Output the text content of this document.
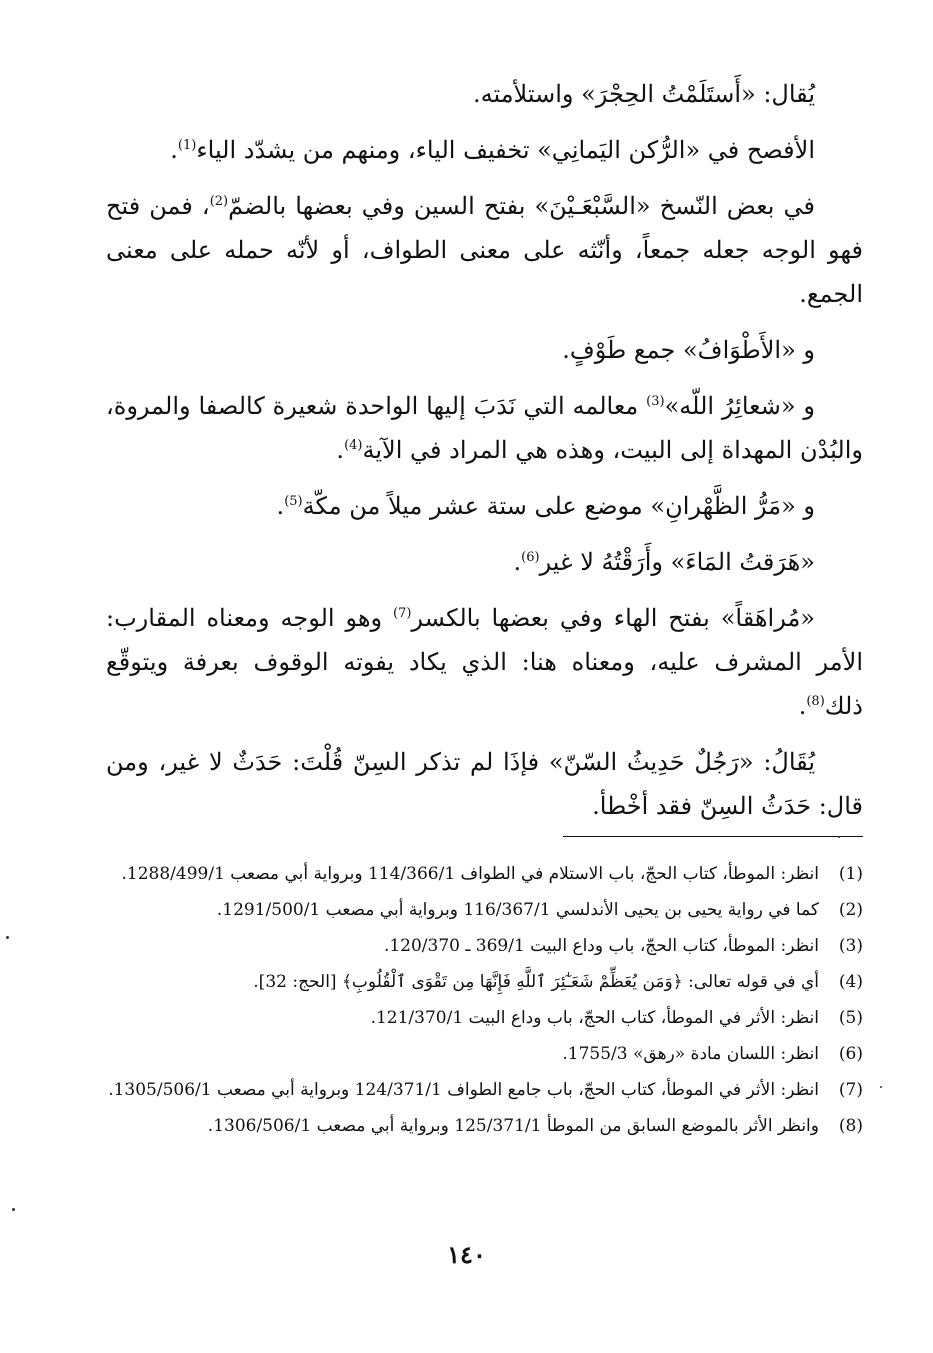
يُقال: «أَستَلَمْتُ الحِجْرَ» واستلأمته.

الأفصح في «الرُّكن اليَمانِي» تخفيف الياء، ومنهم من يشدّد الياء$^{(1)}$.

في بعض النّسخ «السَّبْعَـيْنَ» بفتح السين وفي بعضها بالضمّ$^{(2)}$، فمن فتح فهو الوجه جعله جمعاً، وأنّثه على معنى الطواف، أو لأنّه حمله على معنى الجمع.

و «الأَطْوَافُ» جمع طَوْفٍ.

و «شعائِرُ اللّه»$^{(3)}$ معالمه التي نَدَبَ إليها الواحدة شعيرة كالصفا والمروة، والبُدْن المهداة إلى البيت، وهذه هي المراد في الآية$^{(4)}$.

و «مَرُّ الظَّهْرانِ» موضع على ستة عشر ميلاً من مكّة$^{(5)}$.

«هَرَقتُ المَاءَ» وأَرَقْتُهُ لا غير$^{(6)}$.

«مُراهَقاً» بفتح الهاء وفي بعضها بالكسر$^{(7)}$ وهو الوجه ومعناه المقارب: الأمر المشرف عليه، ومعناه هنا: الذي يكاد يفوته الوقوف بعرفة ويتوقّع ذلك$^{(8)}$.

يُقَالُ: «رَجُلٌ حَدِيثُ السّنّ» فإذَا لم تذكر السِنّ قُلْتَ: حَدَثٌ لا غير، ومن قال: حَدَثُ السِنّ فقد أخْطأ.

(1)
انظر: الموطأ، كتاب الحجّ، باب الاستلام في الطواف 114/366/1 وبرواية أبي مصعب 1288/499/1.
(2)
كما في رواية يحيى بن يحيى الأندلسي 116/367/1 وبرواية أبي مصعب 1291/500/1.
(3)
انظر: الموطأ، كتاب الحجّ، باب وداع البيت 369/1 ـ 120/370.
(4)
أي في قوله تعالى: ﴿وَمَن يُعَظِّمْ شَعَـٰٓئِرَ ٱللَّهِ فَإِنَّهَا مِن تَقْوَى ٱلْقُلُوبِ﴾ [الحج: 32].
(5)
انظر: الأثر في الموطأ، كتاب الحجّ، باب وداع البيت 121/370/1.
(6)
انظر: اللسان مادة «رهق» 1755/3.
(7)
انظر: الأثر في الموطأ، كتاب الحجّ، باب جامع الطواف 124/371/1 وبرواية أبي مصعب 1305/506/1.
(8)
وانظر الأثر بالموضع السابق من الموطأ 125/371/1 وبرواية أبي مصعب 1306/506/1.
١٤٠
